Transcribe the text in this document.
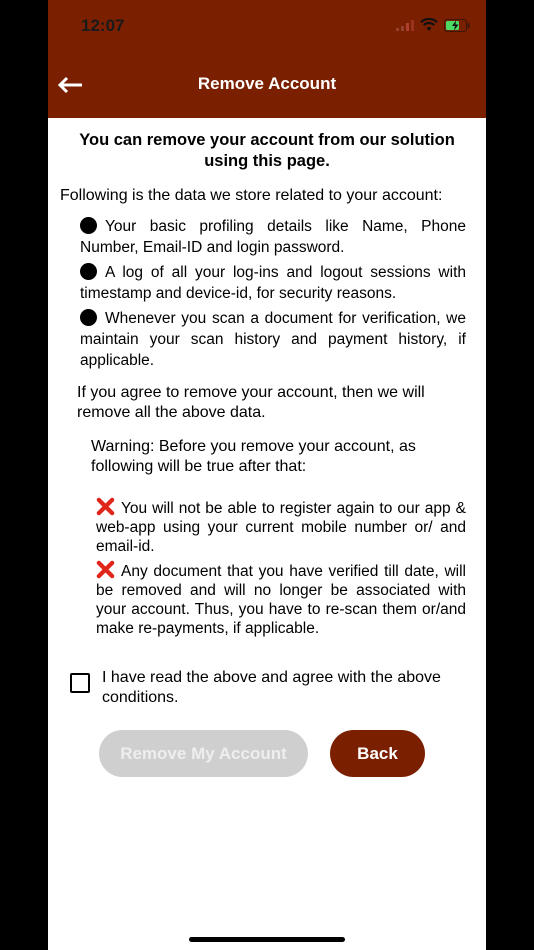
12:07
Remove Account
You can remove your account from our solution using this page.
Following is the data we store related to your account:
Your basic profiling details like Name, Phone Number, Email-ID and login password.
A log of all your log-ins and logout sessions with timestamp and device-id, for security reasons.
Whenever you scan a document for verification, we maintain your scan history and payment history, if applicable.
If you agree to remove your account, then we will remove all the above data.
Warning: Before you remove your account, as following will be true after that:
You will not be able to register again to our app & web-app using your current mobile number or/ and email-id.
Any document that you have verified till date, will be removed and will no longer be associated with your account. Thus, you have to re-scan them or/and make re-payments, if applicable.
I have read the above and agree with the above conditions.
Remove My Account	Back
